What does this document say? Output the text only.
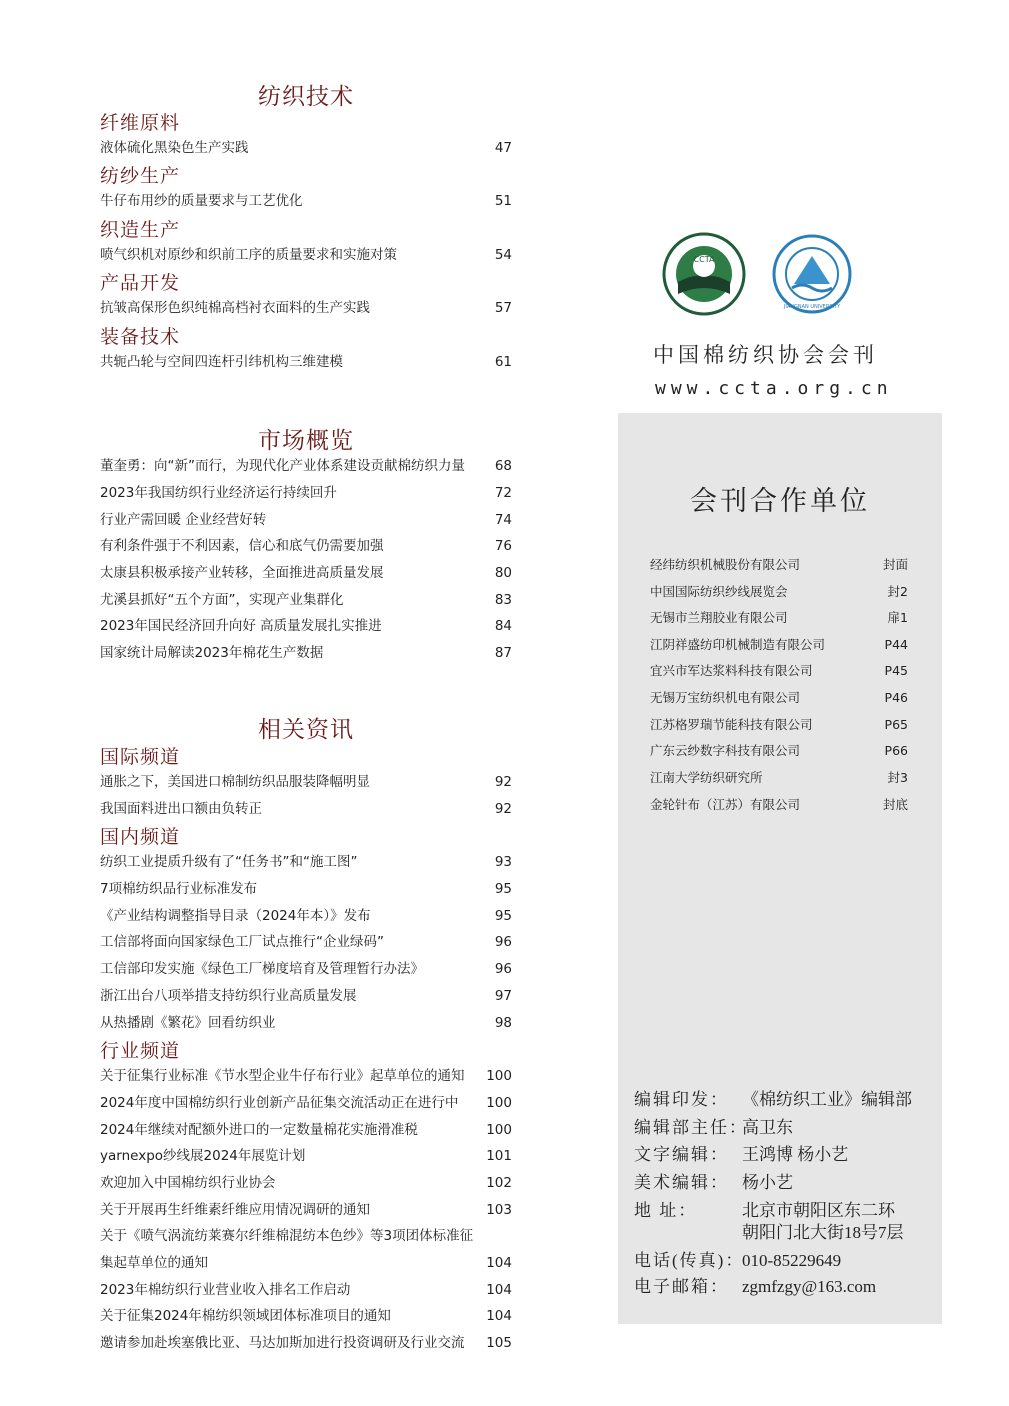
纺织技术
市场概览
相关资讯
纤维原料
纺纱生产
织造生产
产品开发
装备技术
国际频道
国内频道
行业频道
液体硫化黑染色生产实践	47
牛仔布用纱的质量要求与工艺优化	51
喷气织机对原纱和织前工序的质量要求和实施对策	54
抗皱高保形色织纯棉高档衬衣面料的生产实践	57
共轭凸轮与空间四连杆引纬机构三维建模	61
董奎勇：向“新”而行，为现代化产业体系建设贡献棉纺织力量 68
2023年我国纺织行业经济运行持续回升	72
行业产需回暖 企业经营好转	74
有利条件强于不利因素，信心和底气仍需要加强	76
太康县积极承接产业转移，全面推进高质量发展	80
尤溪县抓好“五个方面”，实现产业集群化	83
2023年国民经济回升向好 高质量发展扎实推进	84
国家统计局解读2023年棉花生产数据	87
通胀之下，美国进口棉制纺织品服装降幅明显	92
我国面料进出口额由负转正	92
纺织工业提质升级有了“任务书”和“施工图”	93
7项棉纺织品行业标准发布	95
《产业结构调整指导目录（2024年本）》发布	95
工信部将面向国家绿色工厂试点推行“企业绿码”	96
工信部印发实施《绿色工厂梯度培育及管理暂行办法》	96
浙江出台八项举措支持纺织行业高质量发展	97
从热播剧《繁花》回看纺织业	98
关于征集行业标准《节水型企业牛仔布行业》起草单位的通知 100
2024年度中国棉纺织行业创新产品征集交流活动正在进行中 100
2024年继续对配额外进口的一定数量棉花实施滑准税	100
yarnexpo纱线展2024年展览计划	101
欢迎加入中国棉纺织行业协会	102
关于开展再生纤维素纤维应用情况调研的通知	103
关于《喷气涡流纺莱赛尔纤维棉混纺本色纱》等3项团体标准征
集起草单位的通知	104
2023年棉纺织行业营业收入排名工作启动	104
关于征集2024年棉纺织领域团体标准项目的通知	104
邀请参加赴埃塞俄比亚、马达加斯加进行投资调研及行业交流 105
CCTA
JIANGNAN UNIVERSITY
中国棉纺织协会会刊
www.ccta.org.cn
会刊合作单位
经纬纺织机械股份有限公司	封面
中国国际纺织纱线展览会	封2
无锡市兰翔胶业有限公司	扉1
江阴祥盛纺印机械制造有限公司	P44
宜兴市军达浆料科技有限公司	P45
无锡万宝纺织机电有限公司	P46
江苏格罗瑞节能科技有限公司	P65
广东云纱数字科技有限公司	P66
江南大学纺织研究所	封3
金轮针布（江苏）有限公司	封底
编辑印发： 《棉纺织工业》编辑部
编辑部主任：高卫东
文字编辑： 王鸿博 杨小艺
美术编辑： 杨小艺
地 址：	北京市朝阳区东二环
朝阳门北大街18号7层
电话(传真)：010-85229649
电子邮箱： zgmfzgy@163.com
